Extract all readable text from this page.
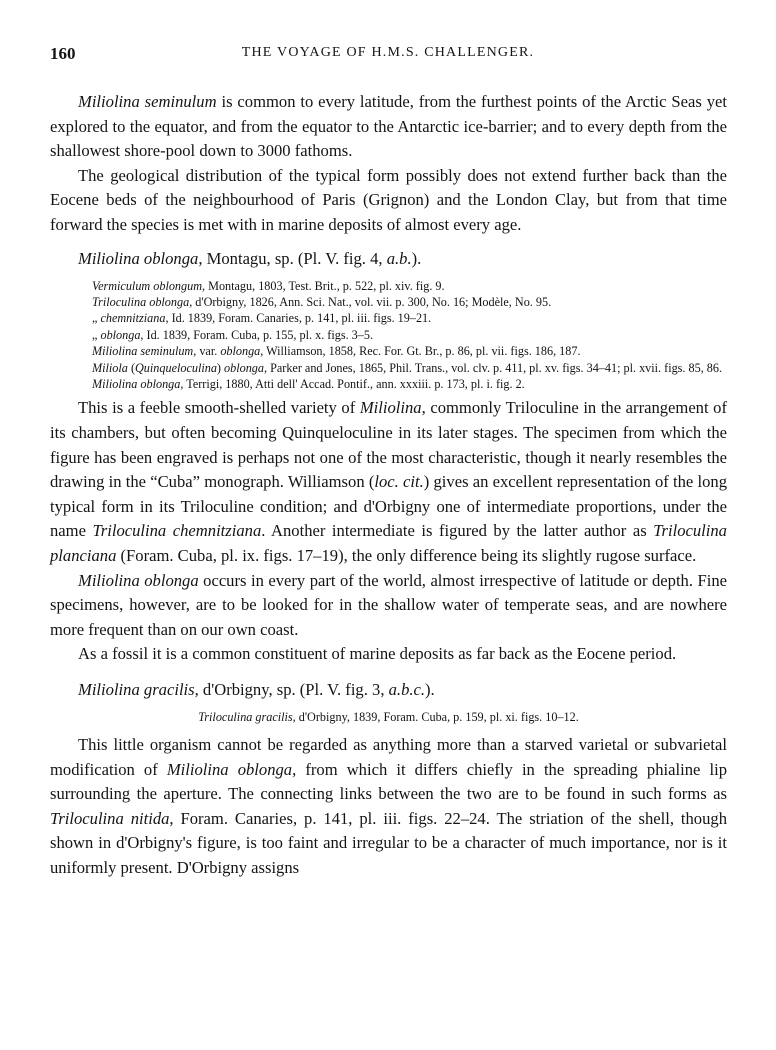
160	THE VOYAGE OF H.M.S. CHALLENGER.

Miliolina seminulum is common to every latitude, from the furthest points of the Arctic Seas yet explored to the equator, and from the equator to the Antarctic ice-barrier; and to every depth from the shallowest shore-pool down to 3000 fathoms.

The geological distribution of the typical form possibly does not extend further back than the Eocene beds of the neighbourhood of Paris (Grignon) and the London Clay, but from that time forward the species is met with in marine deposits of almost every age.

Miliolina oblonga, Montagu, sp. (Pl. V. fig. 4, a.b.).
Vermiculum oblongum, Montagu, 1803, Test. Brit., p. 522, pl. xiv. fig. 9.
Triloculina oblonga, d'Orbigny, 1826, Ann. Sci. Nat., vol. vii. p. 300, No. 16; Modèle, No. 95.
„ chemnitziana, Id. 1839, Foram. Canaries, p. 141, pl. iii. figs. 19–21.
„ oblonga, Id. 1839, Foram. Cuba, p. 155, pl. x. figs. 3–5.
Miliolina seminulum, var. oblonga, Williamson, 1858, Rec. For. Gt. Br., p. 86, pl. vii. figs. 186, 187.
Miliola (Quinqueloculina) oblonga, Parker and Jones, 1865, Phil. Trans., vol. clv. p. 411, pl. xv. figs. 34–41; pl. xvii. figs. 85, 86.
Miliolina oblonga, Terrigi, 1880, Atti dell' Accad. Pontif., ann. xxxiii. p. 173, pl. i. fig. 2.

This is a feeble smooth-shelled variety of Miliolina, commonly Triloculine in the arrangement of its chambers, but often becoming Quinqueloculine in its later stages. The specimen from which the figure has been engraved is perhaps not one of the most characteristic, though it nearly resembles the drawing in the “Cuba” monograph. Williamson (loc. cit.) gives an excellent representation of the long typical form in its Triloculine condition; and d'Orbigny one of intermediate proportions, under the name Triloculina chemnitziana. Another intermediate is figured by the latter author as Triloculina planciana (Foram. Cuba, pl. ix. figs. 17–19), the only difference being its slightly rugose surface.

Miliolina oblonga occurs in every part of the world, almost irrespective of latitude or depth. Fine specimens, however, are to be looked for in the shallow water of temperate seas, and are nowhere more frequent than on our own coast.

As a fossil it is a common constituent of marine deposits as far back as the Eocene period.

Miliolina gracilis, d'Orbigny, sp. (Pl. V. fig. 3, a.b.c.).

Triloculina gracilis, d'Orbigny, 1839, Foram. Cuba, p. 159, pl. xi. figs. 10–12.

This little organism cannot be regarded as anything more than a starved varietal or subvarietal modification of Miliolina oblonga, from which it differs chiefly in the spreading phialine lip surrounding the aperture. The connecting links between the two are to be found in such forms as Triloculina nitida, Foram. Canaries, p. 141, pl. iii. figs. 22–24. The striation of the shell, though shown in d'Orbigny's figure, is too faint and irregular to be a character of much importance, nor is it uniformly present. D'Orbigny assigns
